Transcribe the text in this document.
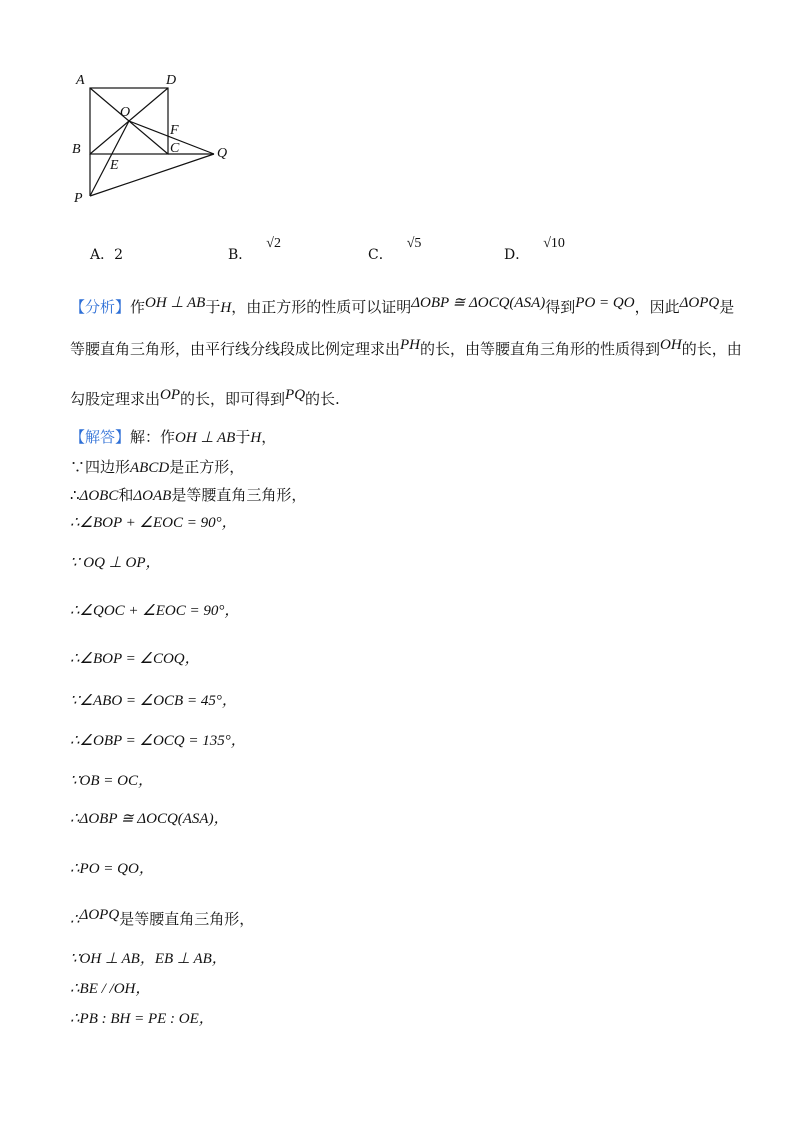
A	D
O
F
B	C	Q
E
P
A．2	B．√2
C．√5
D．√10
【分析】作OH ⊥ AB于H，由正方形的性质可以证明ΔOBP ≅ ΔOCQ(ASA)得到PO = QO，因此ΔOPQ是
等腰直角三角形，由平行线分线段成比例定理求出PH的长，由等腰直角三角形的性质得到OH的长，由
勾股定理求出OP的长，即可得到PQ的长.
【解答】解：作OH ⊥ AB于H，
∵四边形ABCD是正方形，
∴ΔOBC和ΔOAB是等腰直角三角形，
∴∠BOP + ∠EOC = 90°，
∵ OQ ⊥ OP，
∴∠QOC + ∠EOC = 90°，
∴∠BOP = ∠COQ，
∵∠ABO = ∠OCB = 45°，
∴∠OBP = ∠OCQ = 135°，
∵OB = OC，
∴ΔOBP ≅ ΔOCQ(ASA)，
∴PO = QO，
∴ΔOPQ是等腰直角三角形，
∵OH ⊥ AB，EB ⊥ AB，
∴BE / /OH，
∴PB : BH = PE : OE，
